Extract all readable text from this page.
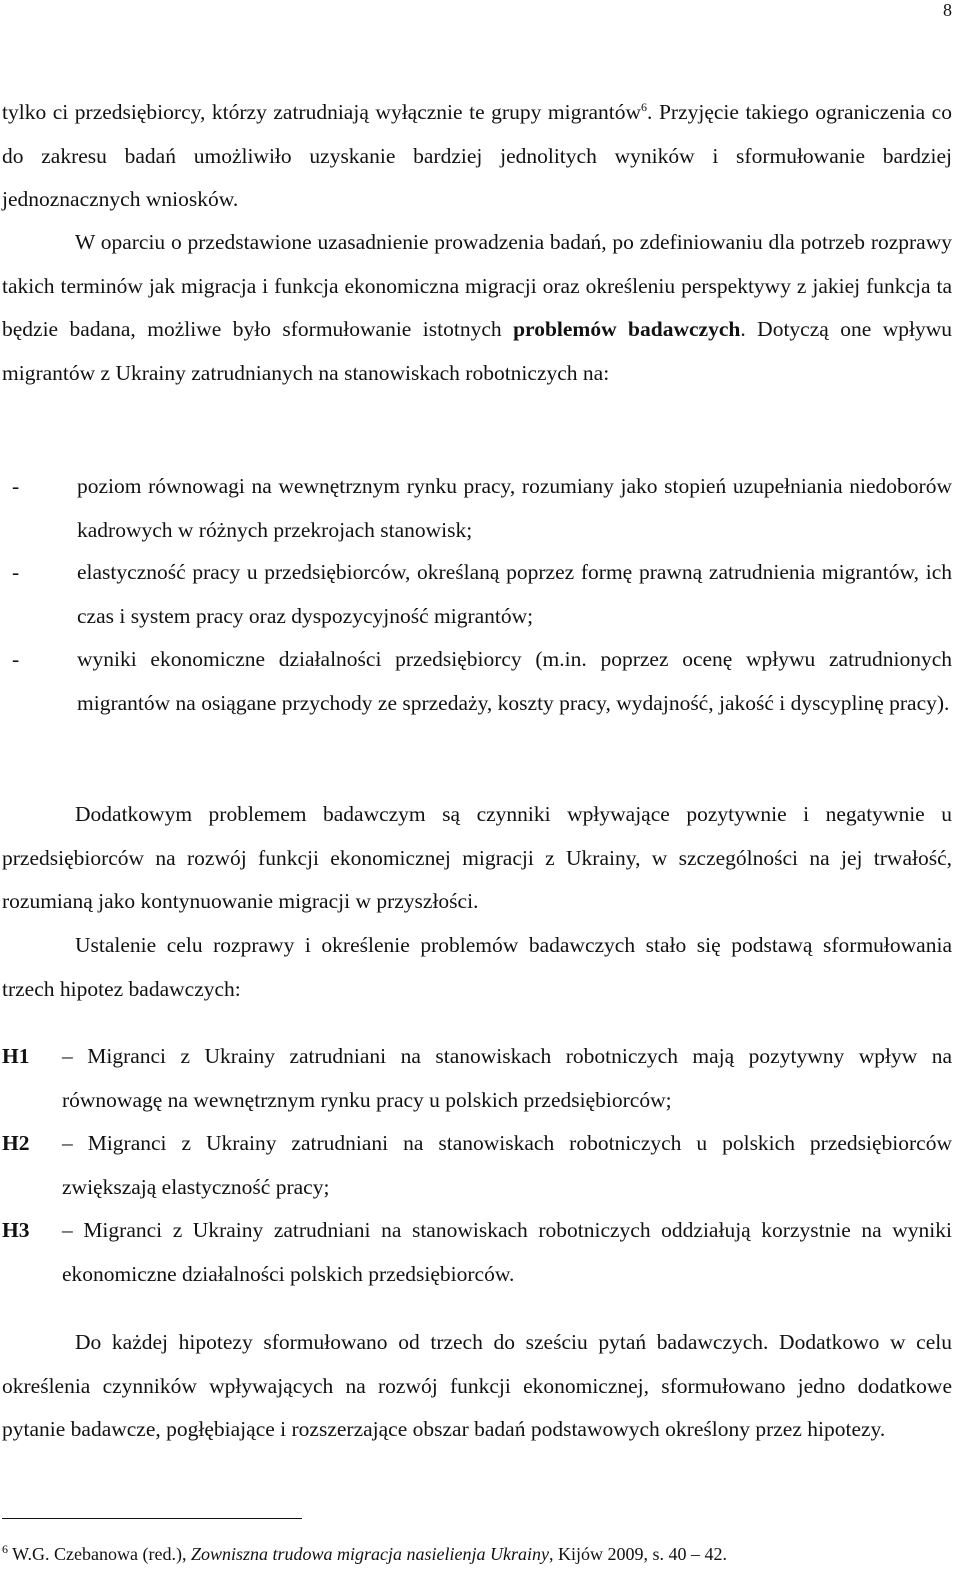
8
tylko ci przedsiębiorcy, którzy zatrudniają wyłącznie te grupy migrantów$^6$. Przyjęcie takiego ograniczenia co do zakresu badań umożliwiło uzyskanie bardziej jednolitych wyników i sformułowanie bardziej jednoznacznych wniosków.
W oparciu o przedstawione uzasadnienie prowadzenia badań, po zdefiniowaniu dla potrzeb rozprawy takich terminów jak migracja i funkcja ekonomiczna migracji oraz określeniu perspektywy z jakiej funkcja ta będzie badana, możliwe było sformułowanie istotnych problemów badawczych. Dotyczą one wpływu migrantów z Ukrainy zatrudnianych na stanowiskach robotniczych na:
-	poziom równowagi na wewnętrznym rynku pracy, rozumiany jako stopień uzupełniania niedoborów kadrowych w różnych przekrojach stanowisk;
-	elastyczność pracy u przedsiębiorców, określaną poprzez formę prawną zatrudnienia migrantów, ich czas i system pracy oraz dyspozycyjność migrantów;
-	wyniki ekonomiczne działalności przedsiębiorcy (m.in. poprzez ocenę wpływu zatrudnionych migrantów na osiągane przychody ze sprzedaży, koszty pracy, wydajność, jakość i dyscyplinę pracy).
Dodatkowym problemem badawczym są czynniki wpływające pozytywnie i negatywnie u przedsiębiorców na rozwój funkcji ekonomicznej migracji z Ukrainy, w szczególności na jej trwałość, rozumianą jako kontynuowanie migracji w przyszłości.
Ustalenie celu rozprawy i określenie problemów badawczych stało się podstawą sformułowania trzech hipotez badawczych:
H1 – Migranci z Ukrainy zatrudniani na stanowiskach robotniczych mają pozytywny wpływ na równowagę na wewnętrznym rynku pracy u polskich przedsiębiorców;
H2 – Migranci z Ukrainy zatrudniani na stanowiskach robotniczych u polskich przedsiębiorców zwiększają elastyczność pracy;
H3 – Migranci z Ukrainy zatrudniani na stanowiskach robotniczych oddziałują korzystnie na wyniki ekonomiczne działalności polskich przedsiębiorców.
Do każdej hipotezy sformułowano od trzech do sześciu pytań badawczych. Dodatkowo w celu określenia czynników wpływających na rozwój funkcji ekonomicznej, sformułowano jedno dodatkowe pytanie badawcze, pogłębiające i rozszerzające obszar badań podstawowych określony przez hipotezy.
$^6$ W.G. Czebanowa (red.), Zowniszna trudowa migracja nasielienja Ukrainy, Kijów 2009, s. 40 – 42.
